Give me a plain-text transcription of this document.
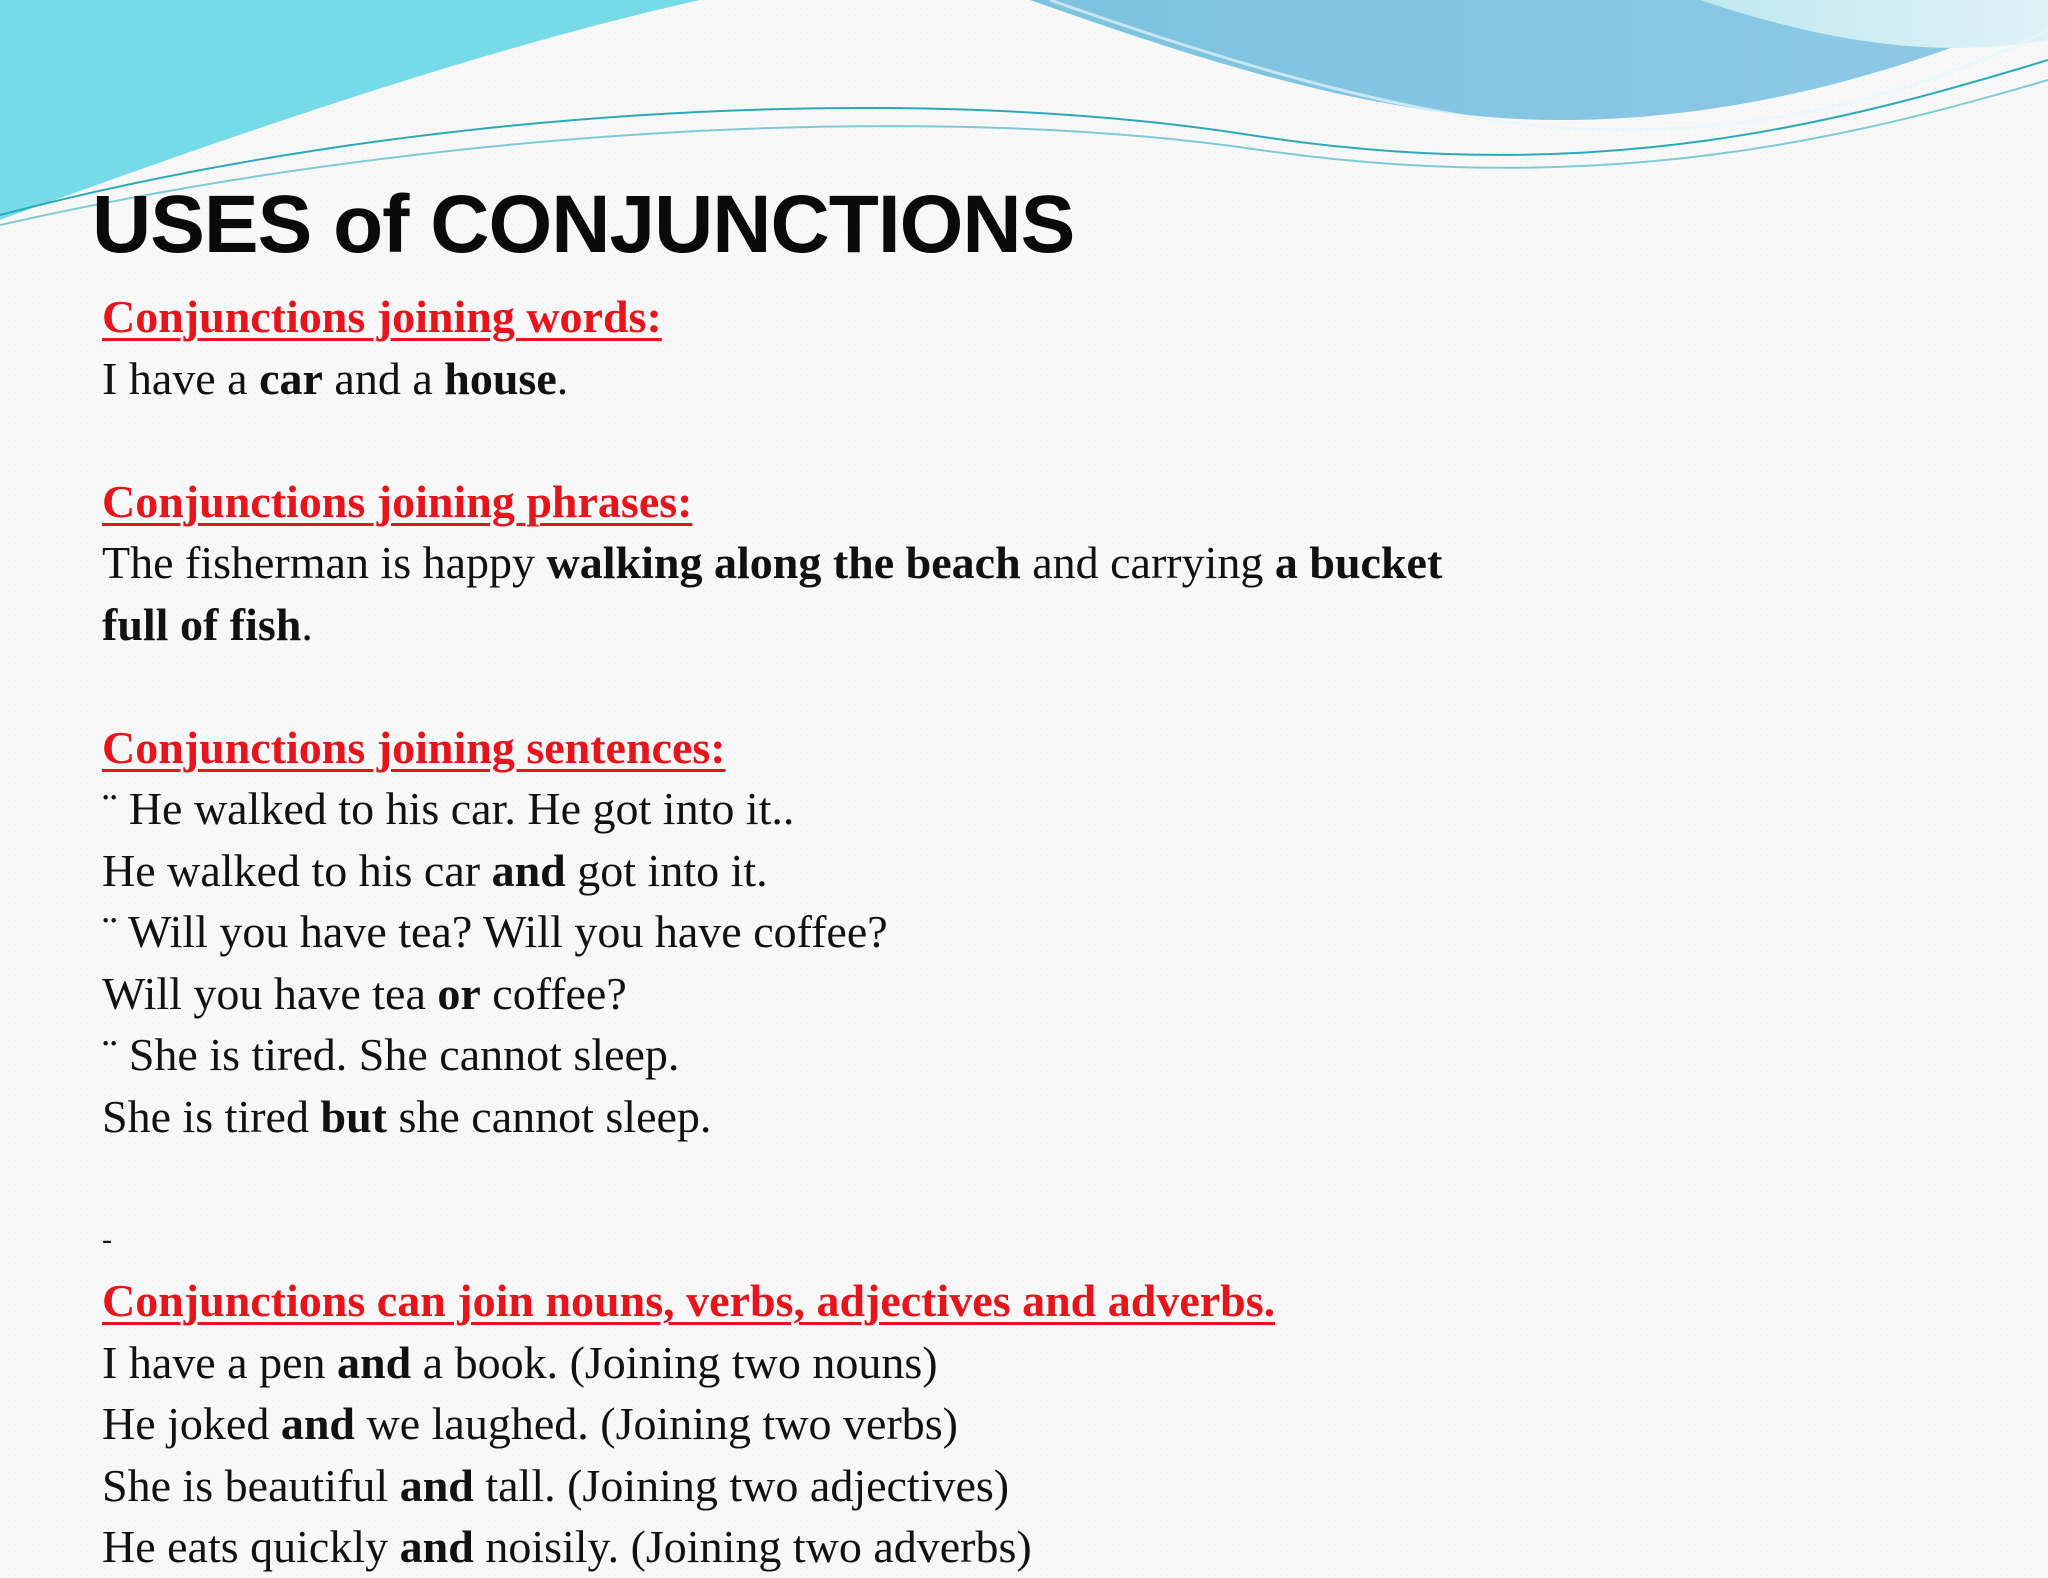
USES of CONJUNCTIONS
Conjunctions joining words:
I have a car and a house.
Conjunctions joining phrases:
The fisherman is happy walking along the beach and carrying a bucket
full of fish.
Conjunctions joining sentences:
¨ He walked to his car. He got into it..
He walked to his car and got into it.
¨ Will you have tea? Will you have coffee?
Will you have tea or coffee?
¨ She is tired. She cannot sleep.
She is tired but she cannot sleep.
-
Conjunctions can join nouns, verbs, adjectives and adverbs.
I have a pen and a book. (Joining two nouns)
He joked and we laughed. (Joining two verbs)
She is beautiful and tall. (Joining two adjectives)
He eats quickly and noisily. (Joining two adverbs)
